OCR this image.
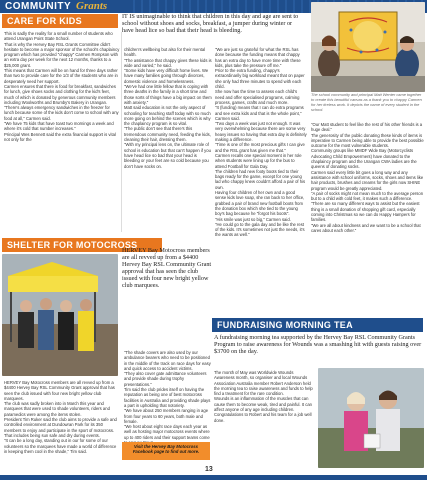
COMMUNITY Grants
CARE FOR KIDS	IT IS unimaginable to think that children in this day and age are sent to school without shoes and socks, breakfast, a jumper during winter or have head lice so bad that their head is bleeding.

This is sadly the reality for a small number of students who attend Urangan Point State School.

That is why the Hervey Bay RSL Grants Committee didn't hesitate to become a major sponsor of the school's chaplaincy program which has provided "chappy" Carmen Rompson with an extra day per week for the next 12 months, thanks to a $25,000 grant.

This means that Carmen will be on hand for three days rather than two to provide care for the 1/3 of the students who are in desperately need her support.

Carmen ensures that there is food for breakfast, sandwiches for lunch, give shoes socks and clothing for the kid's feet, much of which is donated by generous community members including Woolworths and Brumby's Bakery in Urangan.

"There's always emergency sandwiches in the freezer for lunch because some of the kids don't come to school with any food at all," Carmen said.

"We have 75 kids that have toast two mornings a week and where it's cold that number increases."

Principal Wes Bennett said the extra financial support is vital not only for the

children's wellbeing but also for their mental health.

"The assistance that chappy gives these kids is wide and varied," he said.

"Some kids have very difficult home lives. We have many families going through divorces, domestic violence and homelessness.

"We've had one little fellow that is coping with three deaths in the family in a short time and those sorts of things have a big impact on them with anxiety."

Matt said education is not the only aspect of schooling for teaching staff today with so much more going on behind the scenes which is why the chaplaincy program is so vital.

"The public don't see that there's this tremendous community need, feeding the kids, cleaning their hair, dressing them.

"With my principal lens on, the ultimate role of school is education but that can't happen if you have head lice so bad that your head is bleeding or your feet are so cold because you don't have socks on.

"We are just so grateful for what the RSL has done because the funding means that chappy has an extra day to have more time with these kids, plus take the pressure off me."

Prior to the extra funding, chappy's extraordinarily big workload meant that on paper she only had three minutes to spend with each child.

She now has the time to assess each child's need and offer specialised programs, calming process, games, crafts and much more.

"It (funding) means that I can do extra programs and see extra kids and that is the whole point," Carmen said.

"Two days a week was just not enough. It was very overwhelming because there are some very heavy issues so having that extra day is definitely making a difference.

"Time is one of the most precious gifts I can give and the RSL grant has given me that."

Carmen recalls one special moment in her role when students were lining up for the bus to attend Football for Gala Day.

The children had new footy boots tied to their bags ready for the game, except for one young lad who chappy knew couldn't afford a pair of his own.

Having four children of her own and a good sense kids love soap, she ran back to her office, grabbed a pair of brand new football boots from the donation box which she tied to the young boy's bag because he "forgot his boots".

"His smile was just so big," Carmen said.

"He could go to the gala day and be like the rest of the kids. It's sometimes not just the needs, it's the wants as well."

The school community and principal Matt Wenter came together to create this beautiful canvas as a thank you to chappy Carmen for her tireless work. It depicts the name of every student in the school.

"Our Matt student to feel like the rest of his other friends is a huge deal."

The generosity of the public donating these kinds of items is imperative to Carmen being able to provide the best possible outcome for the most vulnerable students.

Community groups like MMDF Wide Bay (Motorcyclists Advocating Child Empowerment) have donated to the chaplaincy program and the Urangan CWA ladies are the queens of donating socks.

Carmen said every little bit goes a long way and any assistance with school uniforms, socks, shoes and items like hair products, brushes and creams for the girls now SHINE program would be greatly appreciated.

"A pair of socks might not mean much to the average person but to a child with cold feet, it makes such a difference.

"There are so many different ways to assist but the easiest thing is a small donation of shopping gift card, especially coming into Christmas so we can do Happy Hampers for families.

"We are all about kindness and we want to be a school that cares about each other."

SHELTER FOR MOTOCROSS
HERVEY Bay Motocross members are all revved up from a $4400 Hervey Bay RSL Community Grant approval that has seen the club issued with four new bright yellow club marquees.

HERVEY Bay Motocross members are all revved up from a $4400 Hervey Bay RSL Community Grant approval that has seen the club issued with four new bright yellow club marquees.

The club was sadly broken into in March this year and marquees that were used to shade volunteers, riders and paramedics were among the items stolen.

President Tim Ruker said the club aims to provide a safe and controlled environment at Dundowran Park for its 350 members to enjoy and participate in the sport of motocross.

That includes being sun safe and dry during events.

"It can be a long day, standing out in our for some of our volunteers so the marquees have made a world of difference in keeping them cool in the shade," Tim said.

"The shade covers are also used by our ambulance bearers who need to be positioned in the middle of the track on race days for easy and quick access to accident victims.

"They also cover gate admittance volunteers and provide shade during trophy presentations."

Tim said the club prides itself on having the reputation as being one of best motocross facilities in Australia and providing shade plays a part in upholding that notoriety.

"We have about 250 members ranging in age from four years to 60 years, both male and female.

"We host about eight race days each year as well as hosting major motocross events where up to 400 riders and their support teams come

Visit the Hervey Bay Motocross Facebook page to find out more.
FUNDRAISING MORNING TEA
A fundraising morning tea supported by the Hervey Bay RSL Community Grants Program to raise awareness for Wounds was a smashing hit with guests raising over $3700 on the day.

The month of May was Worldwide Wounds Awareness month, so organiser and local Wounds Association Australia member Robert Anderson held the morning tea to raise awareness and funds to help find a treatment for the rare condition.

Wounds is an inflammation of the muscles that can cause them to become weak, tired and painful. It can affect anyone of any age including children.

Congratulations to Robert and his team for a job well done.

13
